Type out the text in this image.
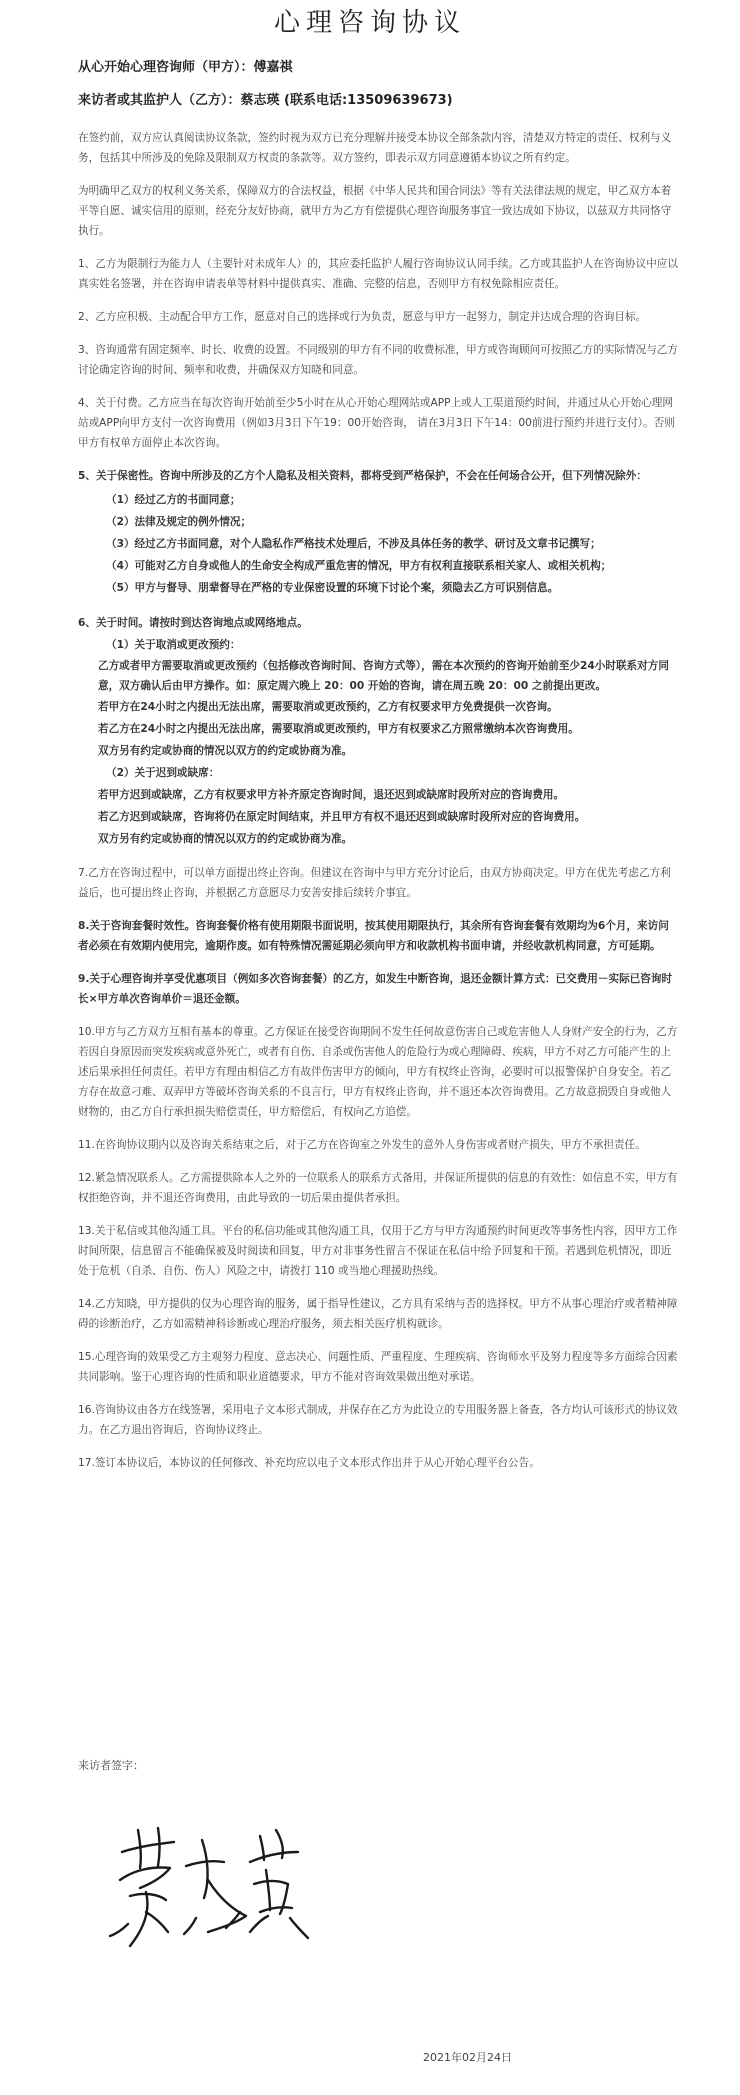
心理咨询协议
从心开始心理咨询师（甲方）：傅嘉祺
来访者或其监护人（乙方）：蔡志瑛 (联系电话:13509639673)

在签约前，双方应认真阅读协议条款，签约时视为双方已充分理解并接受本协议全部条款内容，清楚双方特定的责任、权利与义务，包括其中所涉及的免除及限制双方权责的条款等。双方签约，即表示双方同意遵循本协议之所有约定。

为明确甲乙双方的权利义务关系，保障双方的合法权益，根据《中华人民共和国合同法》等有关法律法规的规定，甲乙双方本着平等自愿、诚实信用的原则，经充分友好协商，就甲方为乙方有偿提供心理咨询服务事宜一致达成如下协议，以兹双方共同恪守执行。

1、乙方为限制行为能力人（主要针对未成年人）的，其应委托监护人履行咨询协议认同手续。乙方或其监护人在咨询协议中应以真实姓名签署，并在咨询申请表单等材料中提供真实、准确、完整的信息，否则甲方有权免除相应责任。

2、乙方应积极、主动配合甲方工作，愿意对自己的选择或行为负责，愿意与甲方一起努力，制定并达成合理的咨询目标。

3、咨询通常有固定频率、时长、收费的设置。不同级别的甲方有不同的收费标准，甲方或咨询顾问可按照乙方的实际情况与乙方讨论确定咨询的时间、频率和收费，并确保双方知晓和同意。

4、关于付费。乙方应当在每次咨询开始前至少5小时在从心开始心理网站或APP上或人工渠道预约时间，并通过从心开始心理网站或APP向甲方支付一次咨询费用（例如3月3日下午19：00开始咨询， 请在3月3日下午14：00前进行预约并进行支付）。否则甲方有权单方面停止本次咨询。

5、关于保密性。咨询中所涉及的乙方个人隐私及相关资料，都将受到严格保护，不会在任何场合公开，但下列情况除外：

（1）经过乙方的书面同意；

（2）法律及规定的例外情况；

（3）经过乙方书面同意，对个人隐私作严格技术处理后，不涉及具体任务的教学、研讨及文章书记撰写；

（4）可能对乙方自身或他人的生命安全构成严重危害的情况，甲方有权利直接联系相关家人、或相关机构；

（5）甲方与督导、朋辈督导在严格的专业保密设置的环境下讨论个案，须隐去乙方可识别信息。

6、关于时间。请按时到达咨询地点或网络地点。

（1）关于取消或更改预约：

乙方或者甲方需要取消或更改预约（包括修改咨询时间、咨询方式等），需在本次预约的咨询开始前至少24小时联系对方同意，双方确认后由甲方操作。如：原定周六晚上 20：00 开始的咨询，请在周五晚 20：00 之前提出更改。

若甲方在24小时之内提出无法出席，需要取消或更改预约，乙方有权要求甲方免费提供一次咨询。

若乙方在24小时之内提出无法出席，需要取消或更改预约，甲方有权要求乙方照常缴纳本次咨询费用。

双方另有约定或协商的情况以双方的约定或协商为准。

（2）关于迟到或缺席：

若甲方迟到或缺席，乙方有权要求甲方补齐原定咨询时间，退还迟到或缺席时段所对应的咨询费用。

若乙方迟到或缺席，咨询将仍在原定时间结束，并且甲方有权不退还迟到或缺席时段所对应的咨询费用。

双方另有约定或协商的情况以双方的约定或协商为准。

7.乙方在咨询过程中，可以单方面提出终止咨询。但建议在咨询中与甲方充分讨论后，由双方协商决定。甲方在优先考虑乙方利益后，也可提出终止咨询，并根据乙方意愿尽力安善安排后续转介事宜。

8.关于咨询套餐时效性。咨询套餐价格有使用期限书面说明，按其使用期限执行，其余所有咨询套餐有效期均为6个月，来访问者必须在有效期内使用完，逾期作废。如有特殊情况需延期必须向甲方和收款机构书面申请，并经收款机构同意，方可延期。

9.关于心理咨询并享受优惠项目（例如多次咨询套餐）的乙方，如发生中断咨询，退还金额计算方式：已交费用－实际已咨询时长×甲方单次咨询单价＝退还金额。

10.甲方与乙方双方互相有基本的尊重。乙方保证在接受咨询期间不发生任何故意伤害自己或危害他人人身财产安全的行为，乙方若因自身原因而突发疾病或意外死亡，或者有自伤、自杀或伤害他人的危险行为或心理障碍、疾病，甲方不对乙方可能产生的上述后果承担任何责任。若甲方有理由相信乙方有故伴伤害甲方的倾向，甲方有权终止咨询，必要时可以报警保护自身安全。若乙方存在故意刁难、双弄甲方等破坏咨询关系的不良言行，甲方有权终止咨询，并不退还本次咨询费用。乙方故意损毁自身或他人财物的，由乙方自行承担损失赔偿责任，甲方赔偿后，有权向乙方追偿。

11.在咨询协议期内以及咨询关系结束之后，对于乙方在咨询室之外发生的意外人身伤害或者财产损失，甲方不承担责任。

12.紧急情况联系人。乙方需提供除本人之外的一位联系人的联系方式备用，并保证所提供的信息的有效性：如信息不实，甲方有权拒绝咨询，并不退还咨询费用，由此导致的一切后果由提供者承担。

13.关于私信或其他沟通工具。平台的私信功能或其他沟通工具，仅用于乙方与甲方沟通预约时间更改等事务性内容，因甲方工作时间所限，信息留言不能确保被及时阅读和回复，甲方对非事务性留言不保证在私信中给予回复和干预。若遇到危机情况，即近处于危机（自杀、自伤、伤人）风险之中，请拨打 110 或当地心理援助热线。

14.乙方知晓，甲方提供的仅为心理咨询的服务，属于指导性建议，乙方具有采纳与否的选择权。甲方不从事心理治疗或者精神障碍的诊断治疗，乙方如需精神科诊断或心理治疗服务，须去相关医疗机构就诊。

15.心理咨询的效果受乙方主观努力程度、意志决心、问题性质、严重程度、生理疾病、咨询师水平及努力程度等多方面综合因素共同影响。鉴于心理咨询的性质和职业道德要求，甲方不能对咨询效果做出绝对承诺。

16.咨询协议由各方在线签署，采用电子文本形式制成，并保存在乙方为此设立的专用服务器上备查，各方均认可该形式的协议效力。在乙方退出咨询后，咨询协议终止。

17.签订本协议后，本协议的任何修改、补充均应以电子文本形式作出并于从心开始心理平台公告。

来访者签字：
2021年02月24日
